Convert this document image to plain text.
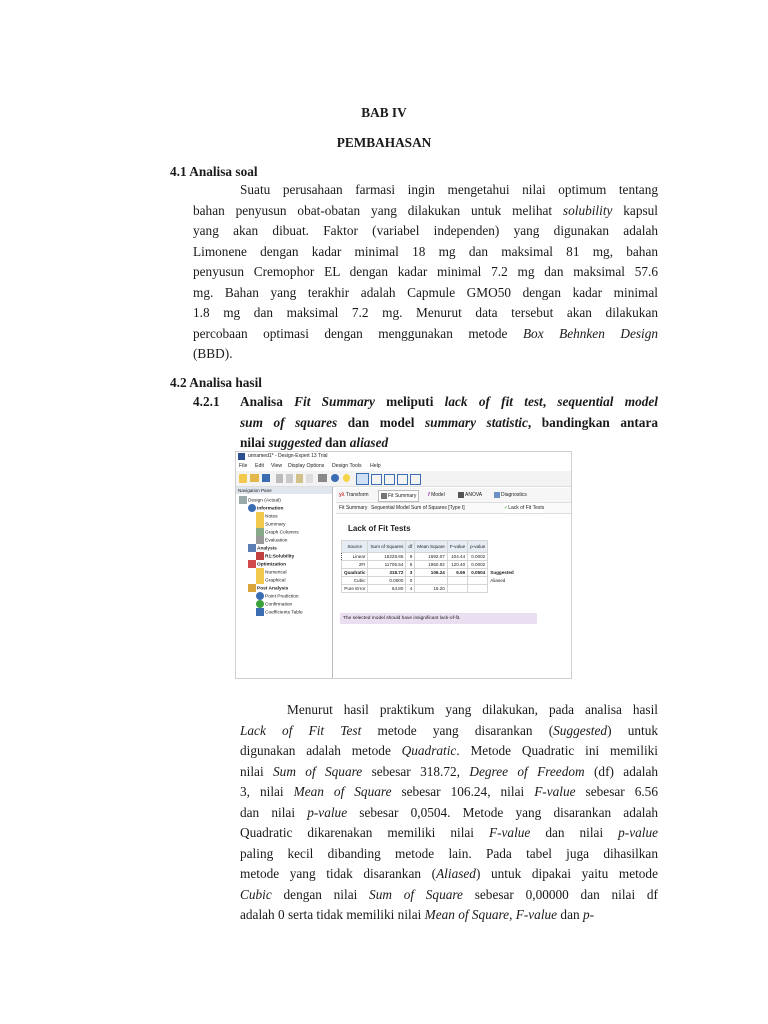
BAB IV
PEMBAHASAN
4.1 Analisa soal
Suatu perusahaan farmasi ingin mengetahui nilai optimum tentang
bahan penyusun obat-obatan yang dilakukan untuk melihat solubility kapsul
yang akan dibuat. Faktor (variabel independen) yang digunakan adalah
Limonene dengan kadar minimal 18 mg dan maksimal 81 mg, bahan
penyusun Cremophor EL dengan kadar minimal 7.2 mg dan maksimal 57.6
mg. Bahan yang terakhir adalah Capmule GMO50 dengan kadar minimal
1.8 mg dan maksimal 7.2 mg. Menurut data tersebut akan dilakukan
percobaan optimasi dengan menggunakan metode Box Behnken Design
(BBD).
4.2 Analisa hasil
4.2.1 Analisa Fit Summary meliputi lack of fit test, sequential model
sum of squares dan model summary statistic, bandingkan antara
nilai suggested dan aliased
unnamed1* - Design-Expert 13 Trial
File Edit View Display Options Design Tools Help
Navigation Pane
Design (Actual)
Information
Notes
Summary
Graph Columns
Evaluation
Analysis
R1:Solubility
Optimization
Numerical
Graphical
Post Analysis
Point Prediction
Confirmation
Coefficients Table
yλ Transform	Fit Summary	f Model	ANOVA	Diagnostics
Fit Summary Sequential Model Sum of Squares [Type I]	✓Lack of Fit Tests
Lack of Fit Tests
Source	Sum of Squares	df	Mean Square	F-value	p-value	
Linear	15228.65	9	1692.07	104.44	0.0002	
2FI	11705.54	6	1950.92	120.40	0.0002	
Quadratic	318.72	3	106.24	6.56	0.0504	Suggested
Cubic	0.0000	0				Aliased
Pure Error	64.80	4	16.20			
The selected model should have insignificant lack-of-fit.
Menurut hasil praktikum yang dilakukan, pada analisa hasil
Lack of Fit Test metode yang disarankan (Suggested) untuk
digunakan adalah metode Quadratic. Metode Quadratic ini memiliki
nilai Sum of Square sebesar 318.72, Degree of Freedom (df) adalah
3, nilai Mean of Square sebesar 106.24, nilai F-value sebesar 6.56
dan nilai p-value sebesar 0,0504. Metode yang disarankan adalah
Quadratic dikarenakan memiliki nilai F-value dan nilai p-value
paling kecil dibanding metode lain. Pada tabel juga dihasilkan
metode yang tidak disarankan (Aliased) untuk dipakai yaitu metode
Cubic dengan nilai Sum of Square sebesar 0,00000 dan nilai df
adalah 0 serta tidak memiliki nilai Mean of Square, F-value dan p-
